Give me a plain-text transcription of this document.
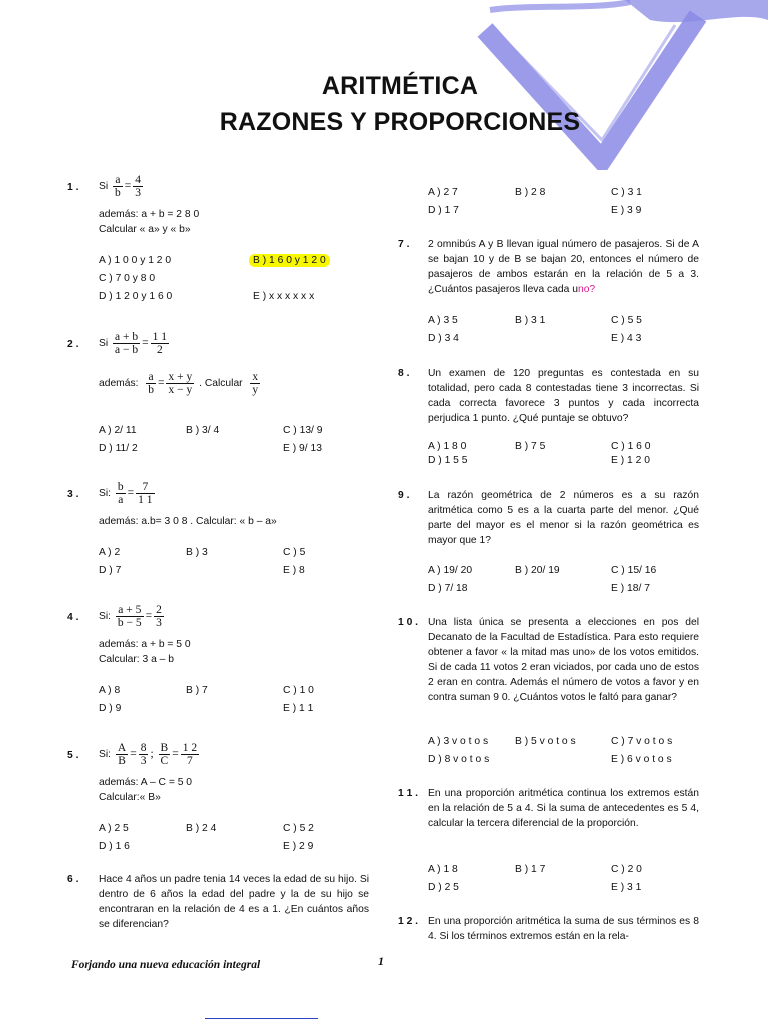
ARITMÉTICA
RAZONES Y PROPORCIONES
1 . Si $\frac{a}{b} = \frac{4}{3}$
además: a + b = 2 8 0
Calcular « a» y « b»
A ) 1 0 0 y 1 2 0	B ) 1 6 0 y 1 2 0
C ) 7 0 y 8 0
D ) 1 2 0 y 1 6 0	E ) x x x x x x
2 . Si $\frac{a + b}{a - b} = \frac{1 1}{2}$
además: $\frac{a}{b} = \frac{x + y}{x - y}$ . Calcular $\frac{x}{y}$
A ) 2/ 11	B ) 3/ 4	C ) 13/ 9
D ) 11/ 2	E ) 9/ 13
3 . Si: $\frac{b}{a} = \frac{7}{1 1}$
además: a.b= 3 0 8 . Calcular: « b – a»
A ) 2	B ) 3	C ) 5
D ) 7	E ) 8
4 . Si: $\frac{a + 5}{b - 5} = \frac{2}{3}$
además: a + b = 5 0
Calcular: 3 a – b
A ) 8	B ) 7	C ) 1 0
D ) 9	E ) 1 1
5 . Si: $\frac{A}{B} = \frac{8}{3}$ ; $\frac{B}{C} = \frac{1 2}{7}$
además: A – C = 5 0
Calcular:« B»
A ) 2 5	B ) 2 4	C ) 5 2
D ) 1 6	E ) 2 9
6 . Hace 4 años un padre tenia 14 veces la edad de su hijo. Si dentro de 6 años la edad del padre y la de su hijo se encontraran en la relación de 4 es a 1. ¿En cuántos años se diferencian?
A ) 2 7	B ) 2 8	C ) 3 1
D ) 1 7	E ) 3 9
7 . 2 omnibús A y B llevan igual número de pasajeros. Si de A se bajan 10 y de B se bajan 20, entonces el número de pasajeros de ambos estarán en la relación de 5 a 3. ¿Cuántos pasajeros lleva cada uno?
A ) 3 5	B ) 3 1	C ) 5 5
D ) 3 4	E ) 4 3
8 . Un examen de 120 preguntas es contestada en su totalidad, pero cada 8 contestadas tiene 3 incorrectas. Si cada correcta favorece 3 puntos y cada incorrecta perjudica 1 punto. ¿Qué puntaje se obtuvo?
A ) 1 8 0	B ) 7 5	C ) 1 6 0
D ) 1 5 5	E ) 1 2 0
9 . La razón geométrica de 2 números es a su razón aritmética como 5 es a la cuarta parte del menor. ¿Qué parte del mayor es el menor si la razón geométrica es mayor que 1?
A ) 19/ 20	B ) 20/ 19	C ) 15/ 16
D ) 7/ 18	E ) 18/ 7
1 0 . Una lista única se presenta a elecciones en pos del Decanato de la Facultad de Estadística. Para esto requiere obtener a favor « la mitad mas uno» de los votos emitidos. Si de cada 11 votos 2 eran viciados, por cada uno de estos 2 eran en contra. Además el número de votos a favor y en contra suman 9 0. ¿Cuántos votos le faltó para ganar?
A ) 3 v o t o s	B ) 5 v o t o s	C ) 7 v o t o s
D ) 8 v o t o s	E ) 6 v o t o s
1 1 . En una proporción aritmética continua los extremos están en la relación de 5 a 4. Si la suma de antecedentes es 5 4, calcular la tercera diferencial de la proporción.
A ) 1 8	B ) 1 7	C ) 2 0
D ) 2 5	E ) 3 1
1 2 . En una proporción aritmética la suma de sus términos es 8 4. Si los términos extremos están en la rela-
Forjando una nueva educación integral	1
